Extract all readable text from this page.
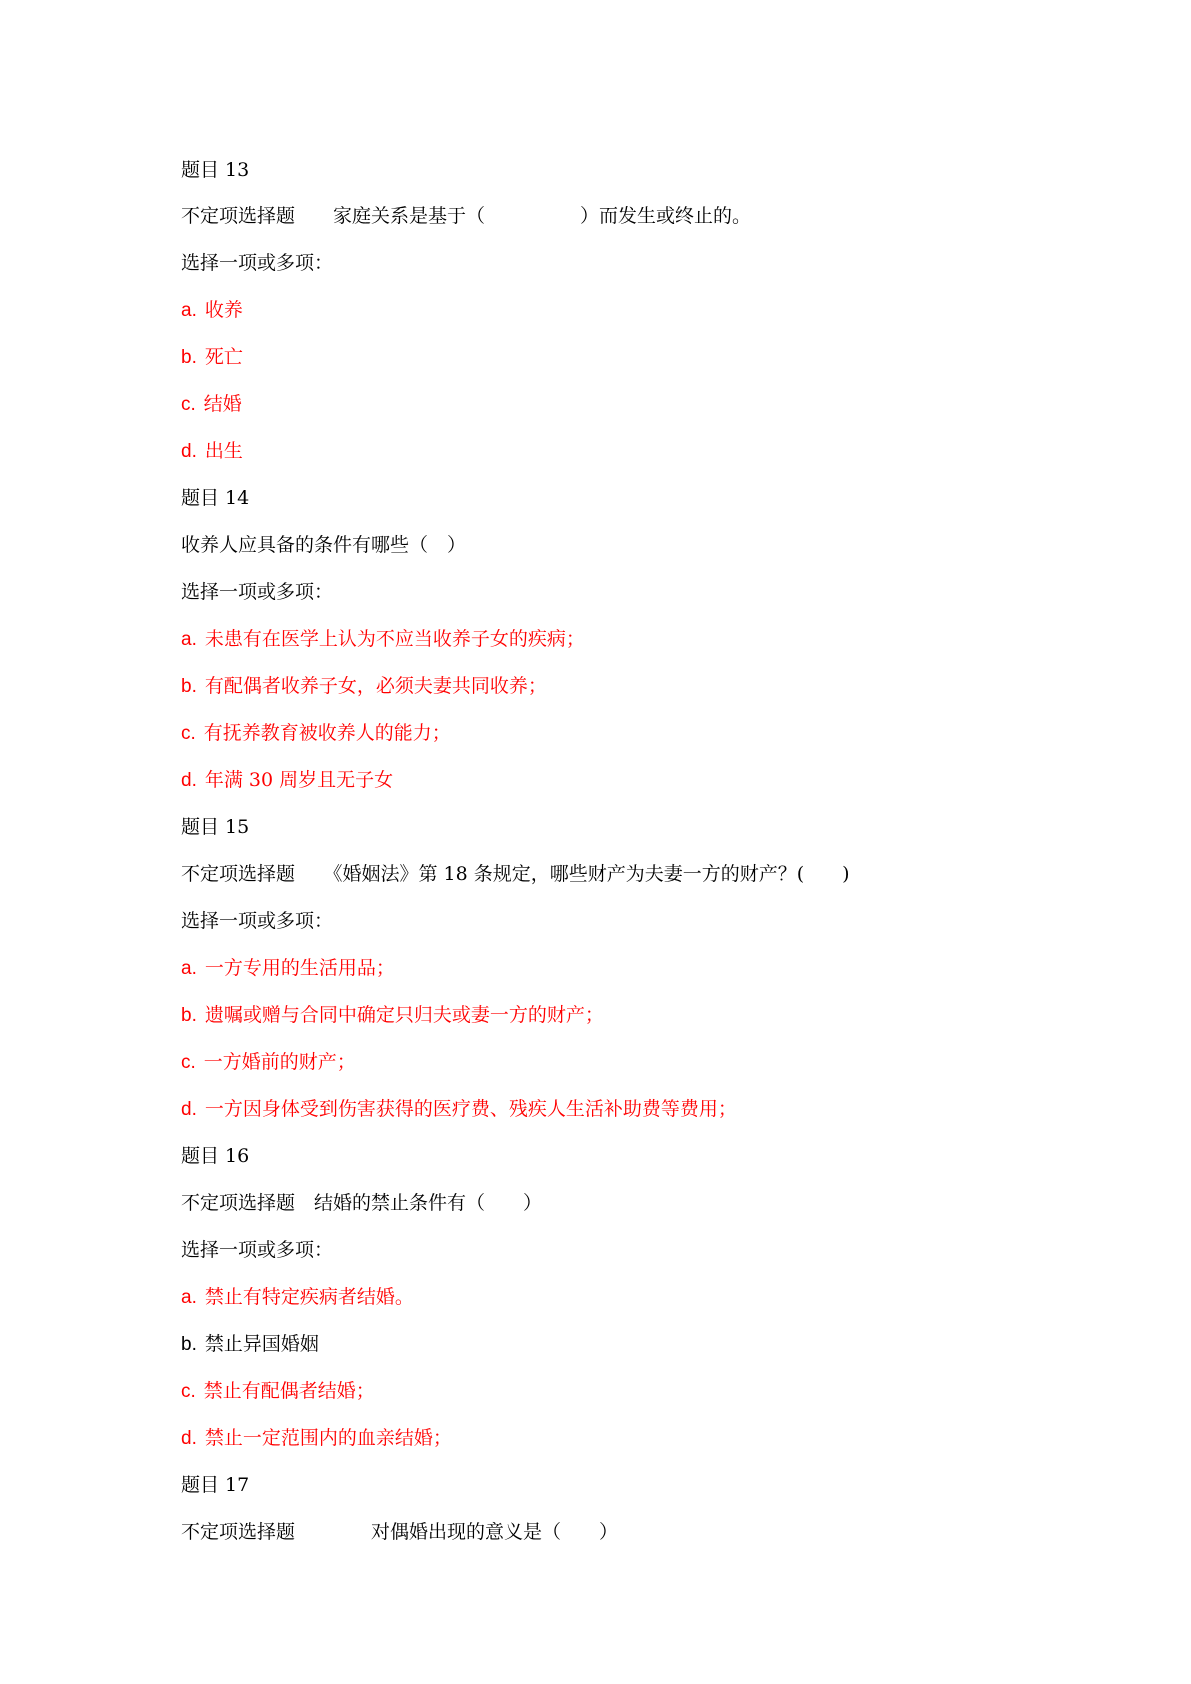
题目 13
不定项选择题　　家庭关系是基于（　　　　　）而发生或终止的。
选择一项或多项：
a. 收养
b. 死亡
c. 结婚
d. 出生
题目 14
收养人应具备的条件有哪些（　）
选择一项或多项：
a. 未患有在医学上认为不应当收养子女的疾病；
b. 有配偶者收养子女，必须夫妻共同收养；
c. 有抚养教育被收养人的能力；
d. 年满 30 周岁且无子女
题目 15
不定项选择题　　《婚姻法》第 18 条规定，哪些财产为夫妻一方的财产？(　　)
选择一项或多项：
a. 一方专用的生活用品；
b. 遗嘱或赠与合同中确定只归夫或妻一方的财产；
c. 一方婚前的财产；
d. 一方因身体受到伤害获得的医疗费、残疾人生活补助费等费用；
题目 16
不定项选择题　结婚的禁止条件有（　　）
选择一项或多项：
a. 禁止有特定疾病者结婚。
b. 禁止异国婚姻
c. 禁止有配偶者结婚；
d. 禁止一定范围内的血亲结婚；
题目 17
不定项选择题　　　　对偶婚出现的意义是（　　）
